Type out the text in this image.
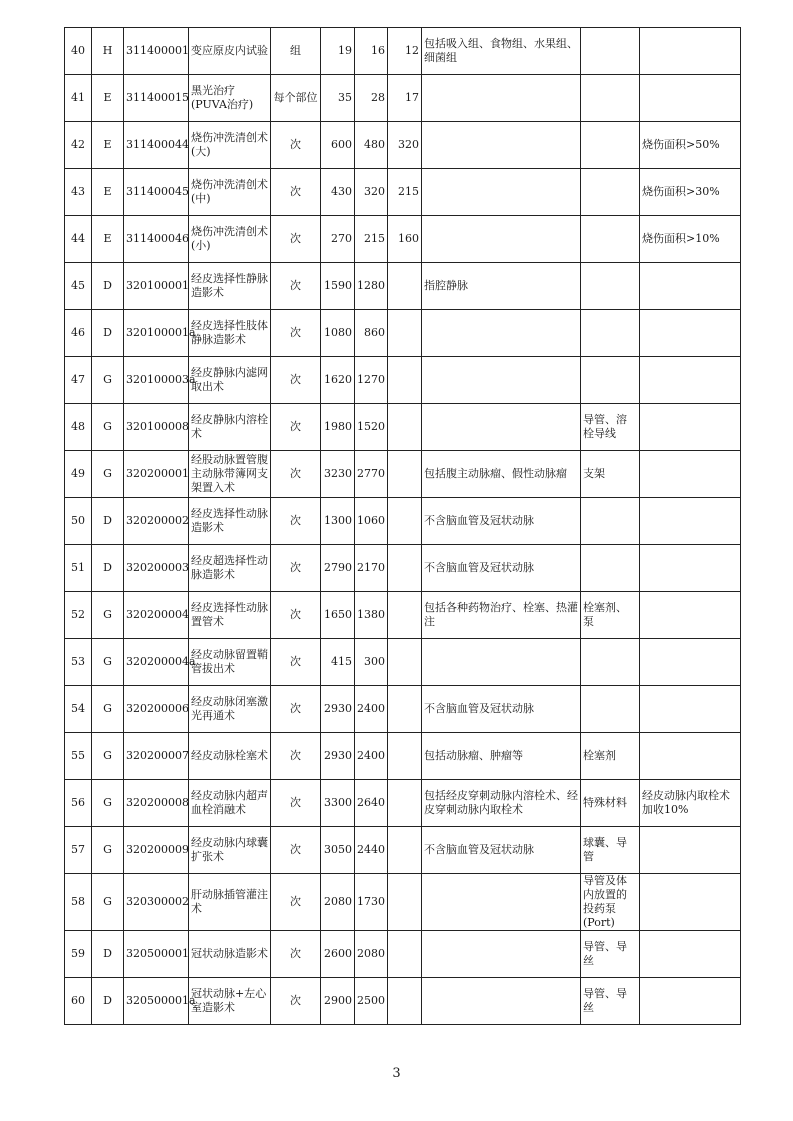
40	H	311400001	变应原皮内试验	组	19	16	12	包括吸入组、食物组、水果组、细菌组		
41	E	311400015	黑光治疗(PUVA治疗)	每个部位	35	28	17			
42	E	311400044	烧伤冲洗清创术(大)	次	600	480	320			烧伤面积>50%
43	E	311400045	烧伤冲洗清创术(中)	次	430	320	215			烧伤面积>30%
44	E	311400046	烧伤冲洗清创术(小)	次	270	215	160			烧伤面积>10%
45	D	320100001	经皮选择性静脉造影术	次	1590	1280		指腔静脉		
46	D	320100001a	经皮选择性肢体静脉造影术	次	1080	860				
47	G	320100003a	经皮静脉内滤网取出术	次	1620	1270				
48	G	320100008	经皮静脉内溶栓术	次	1980	1520			导管、溶栓导线	
49	G	320200001	经股动脉置管腹主动脉带簿网支架置入术	次	3230	2770		包括腹主动脉瘤、假性动脉瘤	支架	
50	D	320200002	经皮选择性动脉造影术	次	1300	1060		不含脑血管及冠状动脉		
51	D	320200003	经皮超选择性动脉造影术	次	2790	2170		不含脑血管及冠状动脉		
52	G	320200004	经皮选择性动脉置管术	次	1650	1380		包括各种药物治疗、栓塞、热灌注	栓塞剂、泵	
53	G	320200004a	经皮动脉留置鞘管拔出术	次	415	300				
54	G	320200006	经皮动脉闭塞激光再通术	次	2930	2400		不含脑血管及冠状动脉		
55	G	320200007	经皮动脉栓塞术	次	2930	2400		包括动脉瘤、肿瘤等	栓塞剂	
56	G	320200008	经皮动脉内超声血栓消融术	次	3300	2640		包括经皮穿刺动脉内溶栓术、经皮穿刺动脉内取栓术	特殊材料	经皮动脉内取栓术加收10%
57	G	320200009	经皮动脉内球囊扩张术	次	3050	2440		不含脑血管及冠状动脉	球囊、导管	
58	G	320300002	肝动脉插管灌注术	次	2080	1730			导管及体内放置的投药泵(Port)	
59	D	320500001	冠状动脉造影术	次	2600	2080			导管、导丝	
60	D	320500001a	冠状动脉+左心室造影术	次	2900	2500			导管、导丝	
3
